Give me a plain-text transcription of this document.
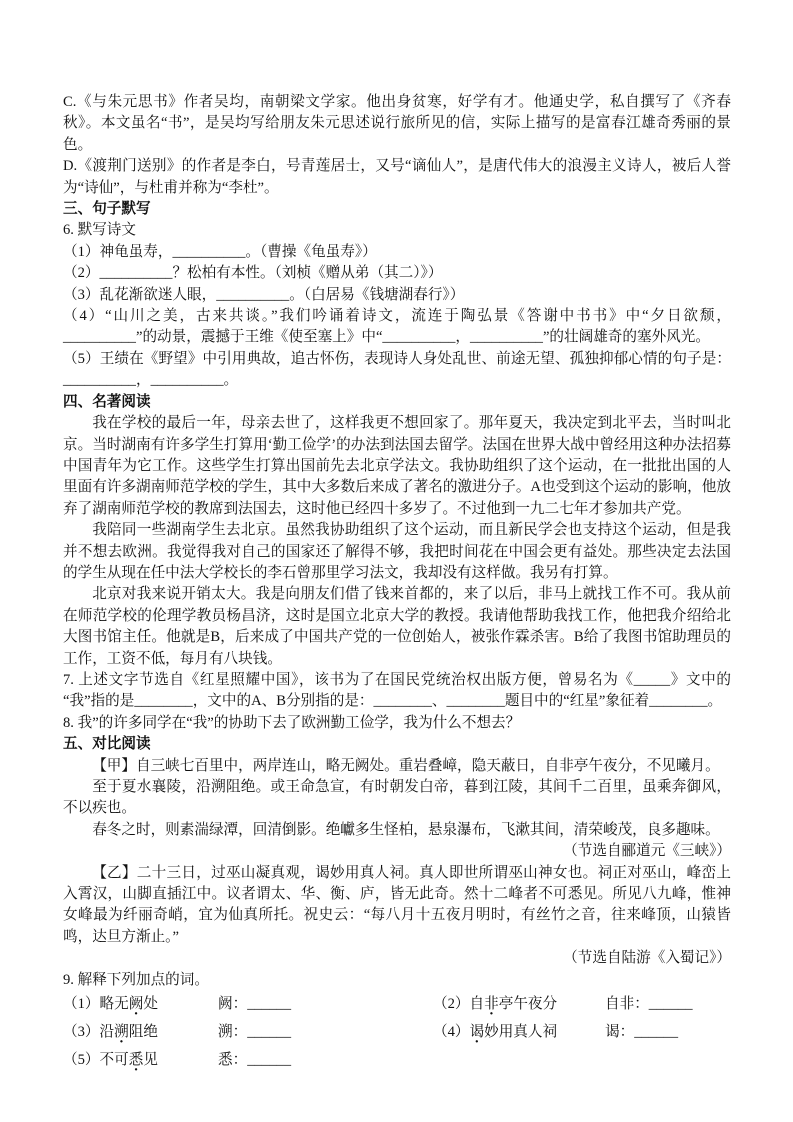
C.《与朱元思书》作者吴均，南朝梁文学家。他出身贫寒，好学有才。他通史学，私自撰写了《齐春秋》。本文虽名“书”，是吴均写给朋友朱元思述说行旅所见的信，实际上描写的是富春江雄奇秀丽的景色。

D.《渡荆门送别》的作者是李白，号青莲居士，又号“谪仙人”，是唐代伟大的浪漫主义诗人，被后人誉为“诗仙”，与杜甫并称为“李杜”。

三、句子默写

6. 默写诗文

（1）神龟虽寿，__________。（曹操《龟虽寿》）

（2）__________？松柏有本性。（刘桢《赠从弟（其二）》）

（3）乱花渐欲迷人眼，__________。（白居易《钱塘湖春行》）

（4）“山川之美，古来共谈。”我们吟诵着诗文，流连于陶弘景《答谢中书书》中“夕日欲颓，__________”的动景，震撼于王维《使至塞上》中“__________，__________”的壮阔雄奇的塞外风光。

（5）王绩在《野望》中引用典故，追古怀伤，表现诗人身处乱世、前途无望、孤独抑郁心情的句子是：__________，__________。

四、名著阅读

我在学校的最后一年，母亲去世了，这样我更不想回家了。那年夏天，我决定到北平去，当时叫北京。当时湖南有许多学生打算用‘勤工俭学’的办法到法国去留学。法国在世界大战中曾经用这种办法招募中国青年为它工作。这些学生打算出国前先去北京学法文。我协助组织了这个运动，在一批批出国的人里面有许多湖南师范学校的学生，其中大多数后来成了著名的激进分子。A也受到这个运动的影响，他放弃了湖南师范学校的教席到法国去，这时他已经四十多岁了。不过他到一九二七年才参加共产党。

我陪同一些湖南学生去北京。虽然我协助组织了这个运动，而且新民学会也支持这个运动，但是我并不想去欧洲。我觉得我对自己的国家还了解得不够，我把时间花在中国会更有益处。那些决定去法国的学生从现在任中法大学校长的李石曾那里学习法文，我却没有这样做。我另有打算。

北京对我来说开销太大。我是向朋友们借了钱来首都的，来了以后，非马上就找工作不可。我从前在师范学校的伦理学教员杨昌济，这时是国立北京大学的教授。我请他帮助我找工作，他把我介绍给北大图书馆主任。他就是B，后来成了中国共产党的一位创始人，被张作霖杀害。B给了我图书馆助理员的工作，工资不低，每月有八块钱。

7. 上述文字节选自《红星照耀中国》，该书为了在国民党统治权出版方便，曾易名为《_____》文中的“我”指的是________，文中的A、B分别指的是：________、________题目中的“红星”象征着________。

8. 我”的许多同学在“我”的协助下去了欧洲勤工俭学，我为什么不想去？

五、对比阅读

【甲】自三峡七百里中，两岸连山，略无阙处。重岩叠嶂，隐天蔽日，自非亭午夜分，不见曦月。

至于夏水襄陵，沿溯阻绝。或王命急宣，有时朝发白帝，暮到江陵，其间千二百里，虽乘奔御风，不以疾也。

春冬之时，则素湍绿潭，回清倒影。绝巘多生怪柏，悬泉瀑布，飞漱其间，清荣峻茂，良多趣味。

（节选自郦道元《三峡》）

【乙】二十三日，过巫山凝真观，谒妙用真人祠。真人即世所谓巫山神女也。祠正对巫山，峰峦上入霄汉，山脚直插江中。议者谓太、华、衡、庐，皆无此奇。然十二峰者不可悉见。所见八九峰，惟神女峰最为纤丽奇峭，宜为仙真所托。祝史云：“每八月十五夜月明时，有丝竹之音，往来峰顶，山猿皆鸣，达旦方渐止。”

（节选自陆游《入蜀记》）

9. 解释下列加点的词。

（1）略无阙处	阙：______	（2）自非亭午夜分	自非：______
（3）沿溯阻绝	溯：______	（4）谒妙用真人祠	谒：______
（5）不可悉见	悉：______
